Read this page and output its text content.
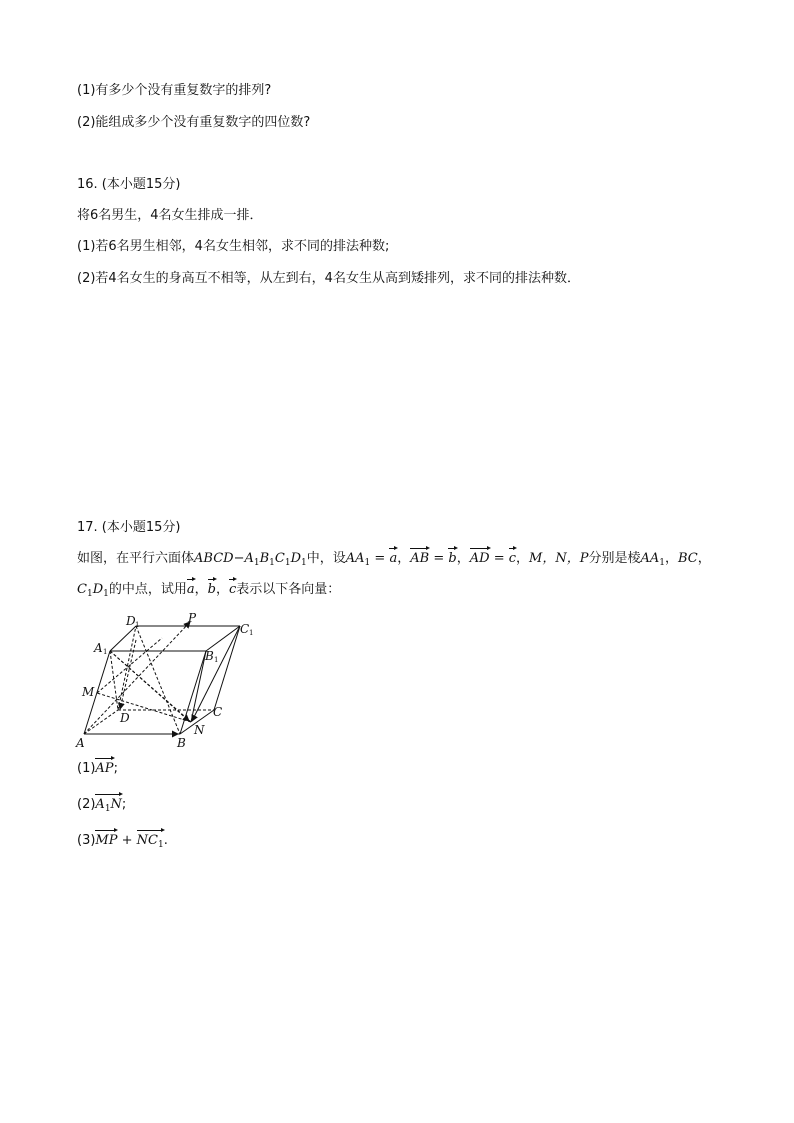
(1)有多少个没有重复数字的排列?
(2)能组成多少个没有重复数字的四位数?
16. (本小题15分)
将6名男生，4名女生排成一排．
(1)若6名男生相邻，4名女生相邻，求不同的排法种数;
(2)若4名女生的身高互不相等，从左到右，4名女生从高到矮排列，求不同的排法种数．
17. (本小题15分)
如图，在平行六面体$ABCD-A_1B_1C_1D_1$中，设$AA_1 = a$，AB = b，AD = c，M，N，P分别是棱$AA_1$，BC，
$C_1D_1$的中点，试用a，b，c表示以下各向量：
A	B
C
D
A 1	B 1
C 1
D 1
M
N
P
(1)AP;
$(2)A_1N$;
$(3)MP + NC_1$.
